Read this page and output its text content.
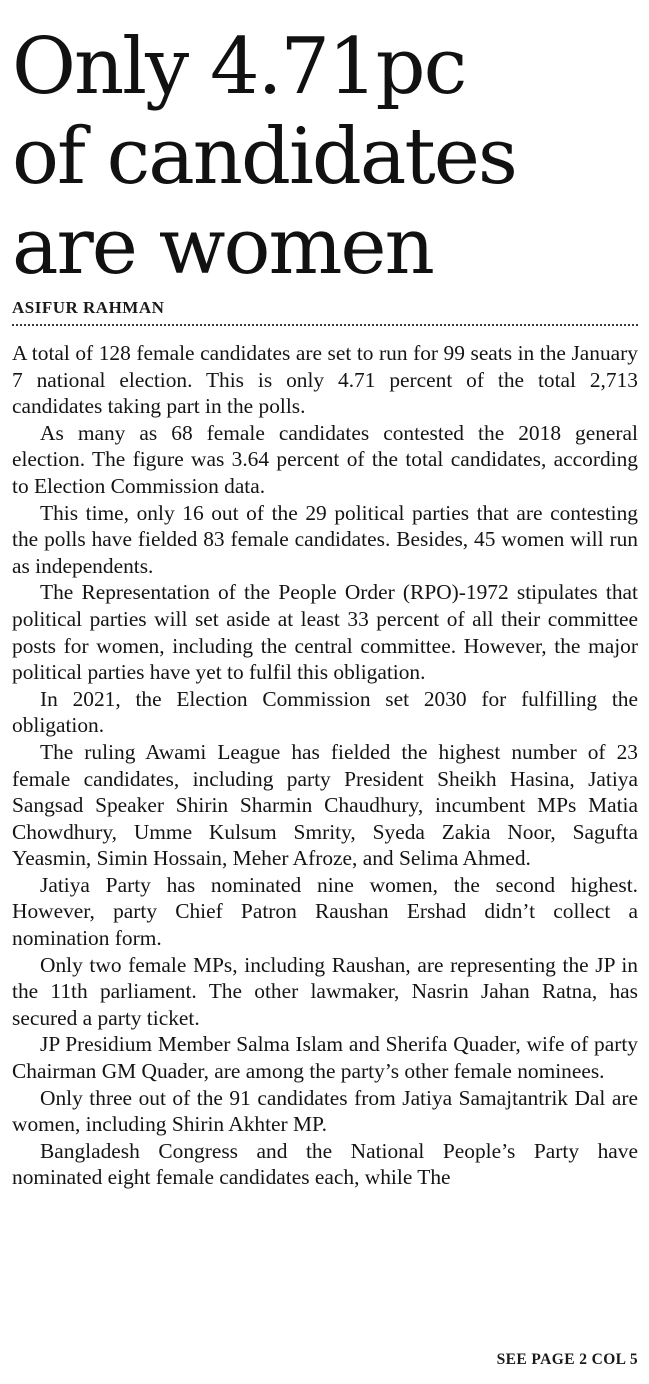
Only 4.71pc
of candidates
are women
ASIFUR RAHMAN

A total of 128 female candidates are set to run for 99 seats in the January 7 national election. This is only 4.71 percent of the total 2,713 candidates taking part in the polls.

As many as 68 female candidates contested the 2018 general election. The figure was 3.64 percent of the total candidates, according to Election Commission data.

This time, only 16 out of the 29 political parties that are contesting the polls have fielded 83 female candidates. Besides, 45 women will run as independents.

The Representation of the People Order (RPO)-1972 stipulates that political parties will set aside at least 33 percent of all their committee posts for women, including the central committee. However, the major political parties have yet to fulfil this obligation.

In 2021, the Election Commission set 2030 for fulfilling the obligation.

The ruling Awami League has fielded the highest number of 23 female candidates, including party President Sheikh Hasina, Jatiya Sangsad Speaker Shirin Sharmin Chaudhury, incumbent MPs Matia Chowdhury, Umme Kulsum Smrity, Syeda Zakia Noor, Sagufta Yeasmin, Simin Hossain, Meher Afroze, and Selima Ahmed.

Jatiya Party has nominated nine women, the second highest. However, party Chief Patron Raushan Ershad didn’t collect a nomination form.

Only two female MPs, including Raushan, are representing the JP in the 11th parliament. The other lawmaker, Nasrin Jahan Ratna, has secured a party ticket.

JP Presidium Member Salma Islam and Sherifa Quader, wife of party Chairman GM Quader, are among the party’s other female nominees.

Only three out of the 91 candidates from Jatiya Samajtantrik Dal are women, including Shirin Akhter MP.

Bangladesh Congress and the National People’s Party have nominated eight female candidates each, while The

SEE PAGE 2 COL 5
